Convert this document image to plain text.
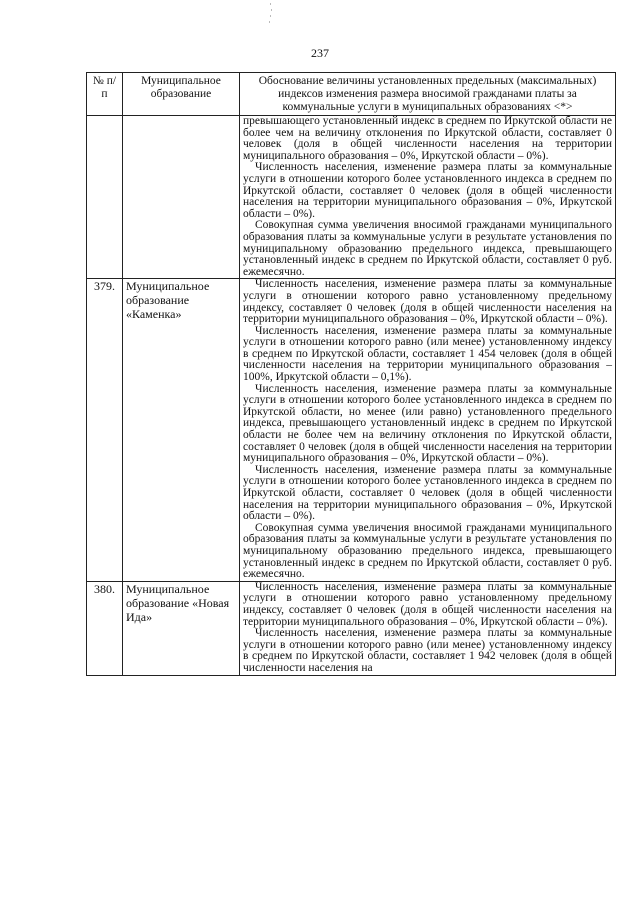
237
№ п/п	Муниципальное образование	Обоснование величины установленных предельных (максимальных) индексов изменения размера вносимой гражданами платы за коммунальные услуги в муниципальных образованиях <*>

		превышающего установленный индекс в среднем по Иркутской области не более чем на величину отклонения по Иркутской области, составляет 0 человек (доля в общей численности населения на территории муниципального образования – 0%, Иркутской области – 0%).

Численность населения, изменение размера платы за коммунальные услуги в отношении которого более установленного индекса в среднем по Иркутской области, составляет 0 человек (доля в общей численности населения на территории муниципального образования – 0%, Иркутской области – 0%).

Совокупная сумма увеличения вносимой гражданами муниципального образования платы за коммунальные услуги в результате установления по муниципальному образованию предельного индекса, превышающего установленный индекс в среднем по Иркутской области, составляет 0 руб. ежемесячно.

379.	Муниципальное образование «Каменка»	Численность населения, изменение размера платы за коммунальные услуги в отношении которого равно установленному предельному индексу, составляет 0 человек (доля в общей численности населения на территории муниципального образования – 0%, Иркутской области – 0%).

Численность населения, изменение размера платы за коммунальные услуги в отношении которого равно (или менее) установленному индексу в среднем по Иркутской области, составляет 1 454 человек (доля в общей численности населения на территории муниципального образования – 100%, Иркутской области – 0,1%).

Численность населения, изменение размера платы за коммунальные услуги в отношении которого более установленного индекса в среднем по Иркутской области, но менее (или равно) установленного предельного индекса, превышающего установленный индекс в среднем по Иркутской области не более чем на величину отклонения по Иркутской области, составляет 0 человек (доля в общей численности населения на территории муниципального образования – 0%, Иркутской области – 0%).

Численность населения, изменение размера платы за коммунальные услуги в отношении которого более установленного индекса в среднем по Иркутской области, составляет 0 человек (доля в общей численности населения на территории муниципального образования – 0%, Иркутской области – 0%).

Совокупная сумма увеличения вносимой гражданами муниципального образования платы за коммунальные услуги в результате установления по муниципальному образованию предельного индекса, превышающего установленный индекс в среднем по Иркутской области, составляет 0 руб. ежемесячно.

380.	Муниципальное образование «Новая Ида»	Численность населения, изменение размера платы за коммунальные услуги в отношении которого равно установленному предельному индексу, составляет 0 человек (доля в общей численности населения на территории муниципального образования – 0%, Иркутской области – 0%).

Численность населения, изменение размера платы за коммунальные услуги в отношении которого равно (или менее) установленному индексу в среднем по Иркутской области, составляет 1 942 человек (доля в общей численности населения на
